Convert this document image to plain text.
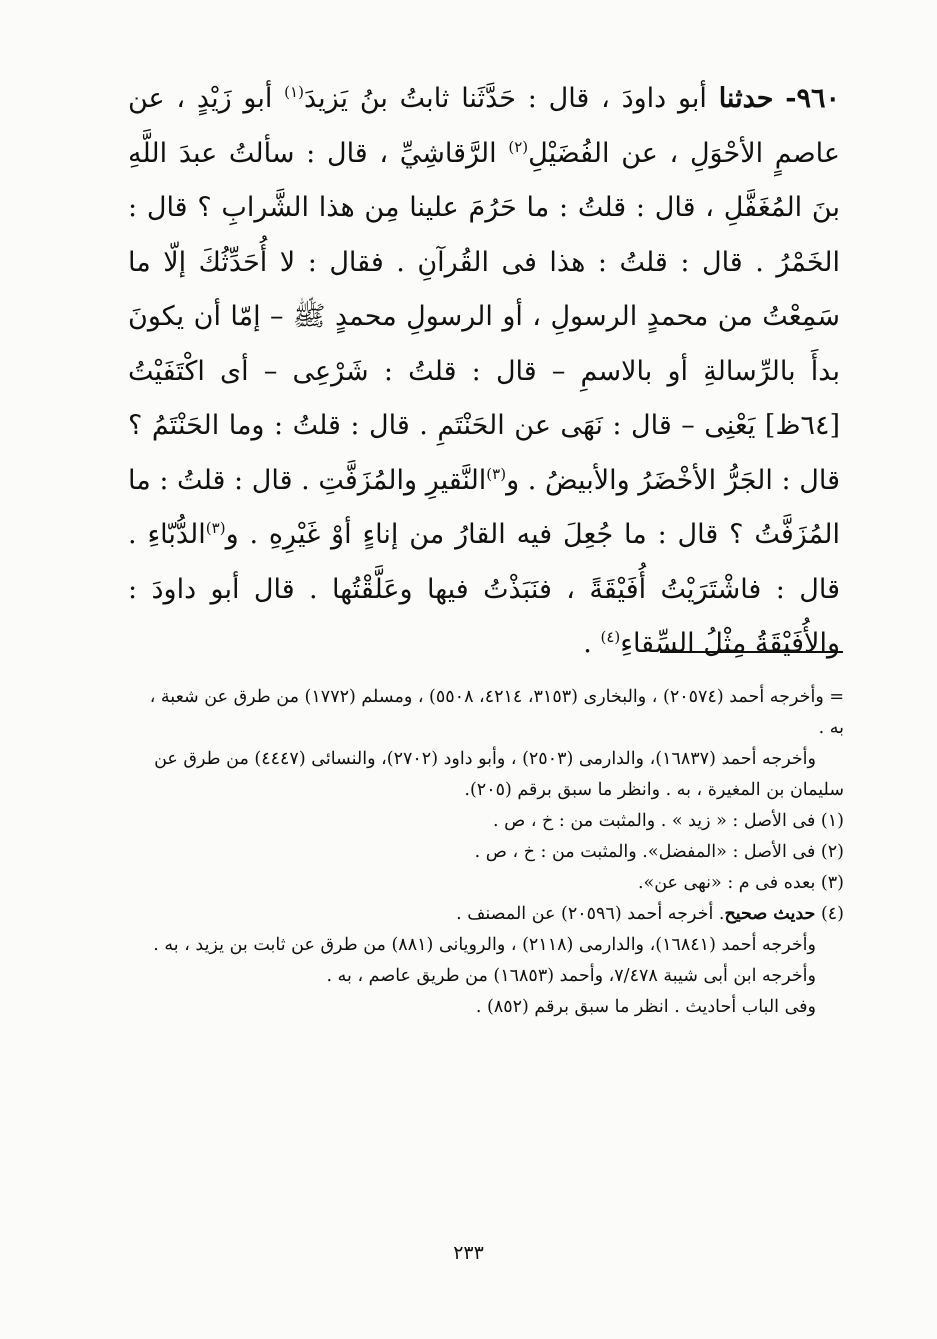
٩٦٠- حدثنا أبو داودَ ، قال : حَدَّثَنا ثابتُ بنُ يَزيدَ$^{(١)}$ أبو زَيْدٍ ، عن عاصمٍ الأحْوَلِ ، عن الفُضَيْلِ$^{(٢)}$ الرَّقاشِيِّ ، قال : سألتُ عبدَ اللَّهِ بنَ المُغَفَّلِ ، قال : قلتُ : ما حَرُمَ علينا مِن هذا الشَّرابِ ؟ قال : الخَمْرُ . قال : قلتُ : هذا فى القُرآنِ . فقال : لا أُحَدِّثُكَ إلّا ما سَمِعْتُ من محمدٍ الرسولِ ، أو الرسولِ محمدٍ ﷺ – إمّا أن يكونَ بدأَ بالرِّسالةِ أو بالاسمِ – قال : قلتُ : شَرْعِى – أى اكْتَفَيْتُ [٦٤ظ] يَعْنِى – قال : نَهَى عن الحَنْتَمِ . قال : قلتُ : وما الحَنْتَمُ ؟ قال : الجَرُّ الأخْضَرُ والأبيضُ . و$^{(٣)}$النَّقيرِ والمُزَفَّتِ . قال : قلتُ : ما المُزَفَّتُ ؟ قال : ما جُعِلَ فيه القارُ من إناءٍ أوْ غَيْرِهِ . و$^{(٣)}$الدُّبّاءِ . قال : فاشْتَرَيْتُ أُفَيْقَةً ، فنَبَذْتُ فيها وعَلَّقْتُها . قال أبو داودَ : والأُفَيْقَةُ مِثْلُ السِّقاءِ$^{(٤)}$ .

= وأخرجه أحمد (٢٠٥٧٤) ، والبخارى (٣١٥٣، ٤٢١٤، ٥٥٠٨) ، ومسلم (١٧٧٢) من طرق عن شعبة ، به .

وأخرجه أحمد (١٦٨٣٧)، والدارمى (٢٥٠٣) ، وأبو داود (٢٧٠٢)، والنسائى (٤٤٤٧) من طرق عن سليمان بن المغيرة ، به . وانظر ما سبق برقم (٢٠٥).

(١) فى الأصل : « زيد » . والمثبت من : خ ، ص .

(٢) فى الأصل : «المفضل». والمثبت من : خ ، ص .

(٣) بعده فى م : «نهى عن».

(٤) حديث صحيح. أخرجه أحمد (٢٠٥٩٦) عن المصنف .

وأخرجه أحمد (١٦٨٤١)، والدارمى (٢١١٨) ، والرويانى (٨٨١) من طرق عن ثابت بن يزيد ، به .

وأخرجه ابن أبى شيبة ٧/٤٧٨، وأحمد (١٦٨٥٣) من طريق عاصم ، به .

وفى الباب أحاديث . انظر ما سبق برقم (٨٥٢) .

٢٣٣
